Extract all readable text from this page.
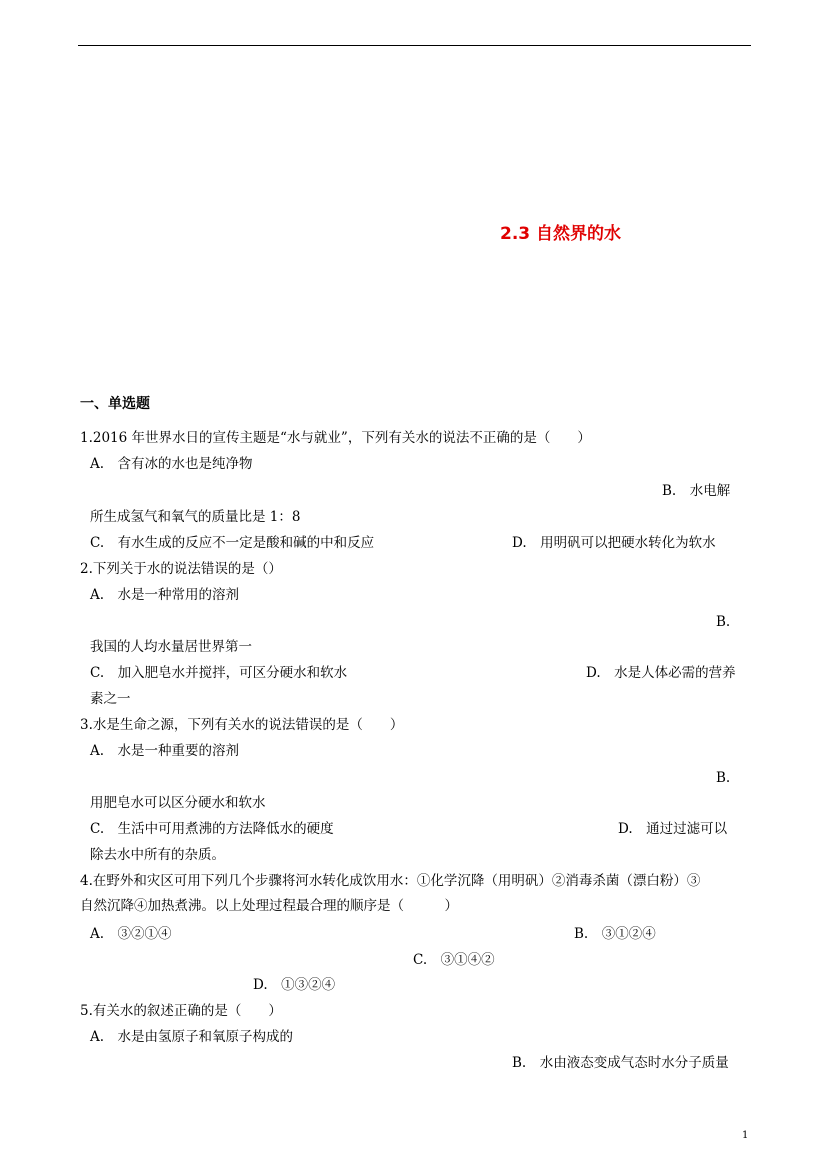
2.3 自然界的水
一、单选题
1.2016 年世界水日的宣传主题是“水与就业”，下列有关水的说法不正确的是（　　）
A.　含有冰的水也是纯净物
B.　水电解
所生成氢气和氧气的质量比是 1：8
C.　有水生成的反应不一定是酸和碱的中和反应	D.　用明矾可以把硬水转化为软水
2.下列关于水的说法错误的是（）
A.　水是一种常用的溶剂
B.
我国的人均水量居世界第一
C.　加入肥皂水并搅拌，可区分硬水和软水	D.　水是人体必需的营养
素之一
3.水是生命之源，下列有关水的说法错误的是（　　）
A.　水是一种重要的溶剂
B.
用肥皂水可以区分硬水和软水
C.　生活中可用煮沸的方法降低水的硬度	D.　通过过滤可以
除去水中所有的杂质。
4.在野外和灾区可用下列几个步骤将河水转化成饮用水：①化学沉降（用明矾）②消毒杀菌（漂白粉）③
自然沉降④加热煮沸。以上处理过程最合理的顺序是（　　　）
A.　③②①④	B.　③①②④
C.　③①④②
D.　①③②④
5.有关水的叙述正确的是（　　）
A.　水是由氢原子和氧原子构成的
B.　水由液态变成气态时水分子质量
1
